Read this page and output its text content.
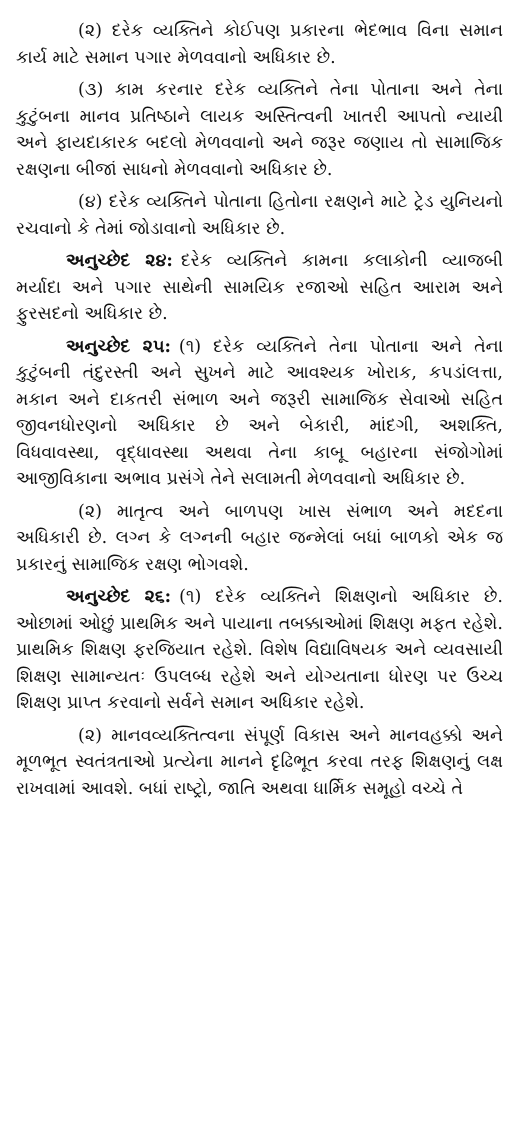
(૨) દરેક વ્યક્તિને કોઈપણ પ્રકારના ભેદભાવ વિના સમાન કાર્ય માટે સમાન પગાર મેળવવાનો અધિકાર છે.

(૩) કામ કરનાર દરેક વ્યક્તિને તેના પોતાના અને તેના કુટુંબના માનવ પ્રતિષ્ઠાને લાયક અસ્તિત્વની ખાતરી આપતો ન્યાયી અને ફાયદાકારક બદલો મેળવવાનો અને જરૂર જણાય તો સામાજિક રક્ષણના બીજાં સાધનો મેળવવાનો અધિકાર છે.

(૪) દરેક વ્યક્તિને પોતાના હિતોના રક્ષણને માટે ટ્રેડ યુનિયનો રચવાનો કે તેમાં જોડાવાનો અધિકાર છે.

અનુચ્છેદ ૨૪: દરેક વ્યક્તિને કામના કલાકોની વ્યાજબી મર્યાદા અને પગાર સાથેની સામયિક રજાઓ સહિત આરામ અને ફુરસદનો અધિકાર છે.

અનુચ્છેદ ૨૫: (૧) દરેક વ્યક્તિને તેના પોતાના અને તેના કુટુંબની તંદુરસ્તી અને સુખને માટે આવશ્યક ખોરાક, કપડાંલત્તા, મકાન અને દાકતરી સંભાળ અને જરૂરી સામાજિક સેવાઓ સહિત જીવનધોરણનો અધિકાર છે અને બેકારી, માંદગી, અશક્તિ, વિધવાવસ્થા, વૃદ્ધાવસ્થા અથવા તેના કાબૂ બહારના સંજોગોમાં આજીવિકાના અભાવ પ્રસંગે તેને સલામતી મેળવવાનો અધિકાર છે.

(૨) માતૃત્વ અને બાળપણ ખાસ સંભાળ અને મદદના અધિકારી છે. લગ્ન કે લગ્નની બહાર જન્મેલાં બધાં બાળકો એક જ પ્રકારનું સામાજિક રક્ષણ ભોગવશે.

અનુચ્છેદ ૨૬: (૧) દરેક વ્યક્તિને શિક્ષણનો અધિકાર છે. ઓછામાં ઓછું પ્રાથમિક અને પાયાના તબક્કાઓમાં શિક્ષણ મફત રહેશે. પ્રાથમિક શિક્ષણ ફરજિયાત રહેશે. વિશેષ વિદ્યાવિષયક અને વ્યવસાયી શિક્ષણ સામાન્યતઃ ઉપલબ્ધ રહેશે અને યોગ્યતાના ધોરણ પર ઉચ્ચ શિક્ષણ પ્રાપ્ત કરવાનો સર્વને સમાન અધિકાર રહેશે.

(૨) માનવવ્યક્તિત્વના સંપૂર્ણ વિકાસ અને માનવહક્કો અને મૂળભૂત સ્વતંત્રતાઓ પ્રત્યેના માનને દૃઢિભૂત કરવા તરફ શિક્ષણનું લક્ષ રાખવામાં આવશે. બધાં રાષ્ટ્રો, જાતિ અથવા ધાર્મિક સમૂહો વચ્ચે તે
